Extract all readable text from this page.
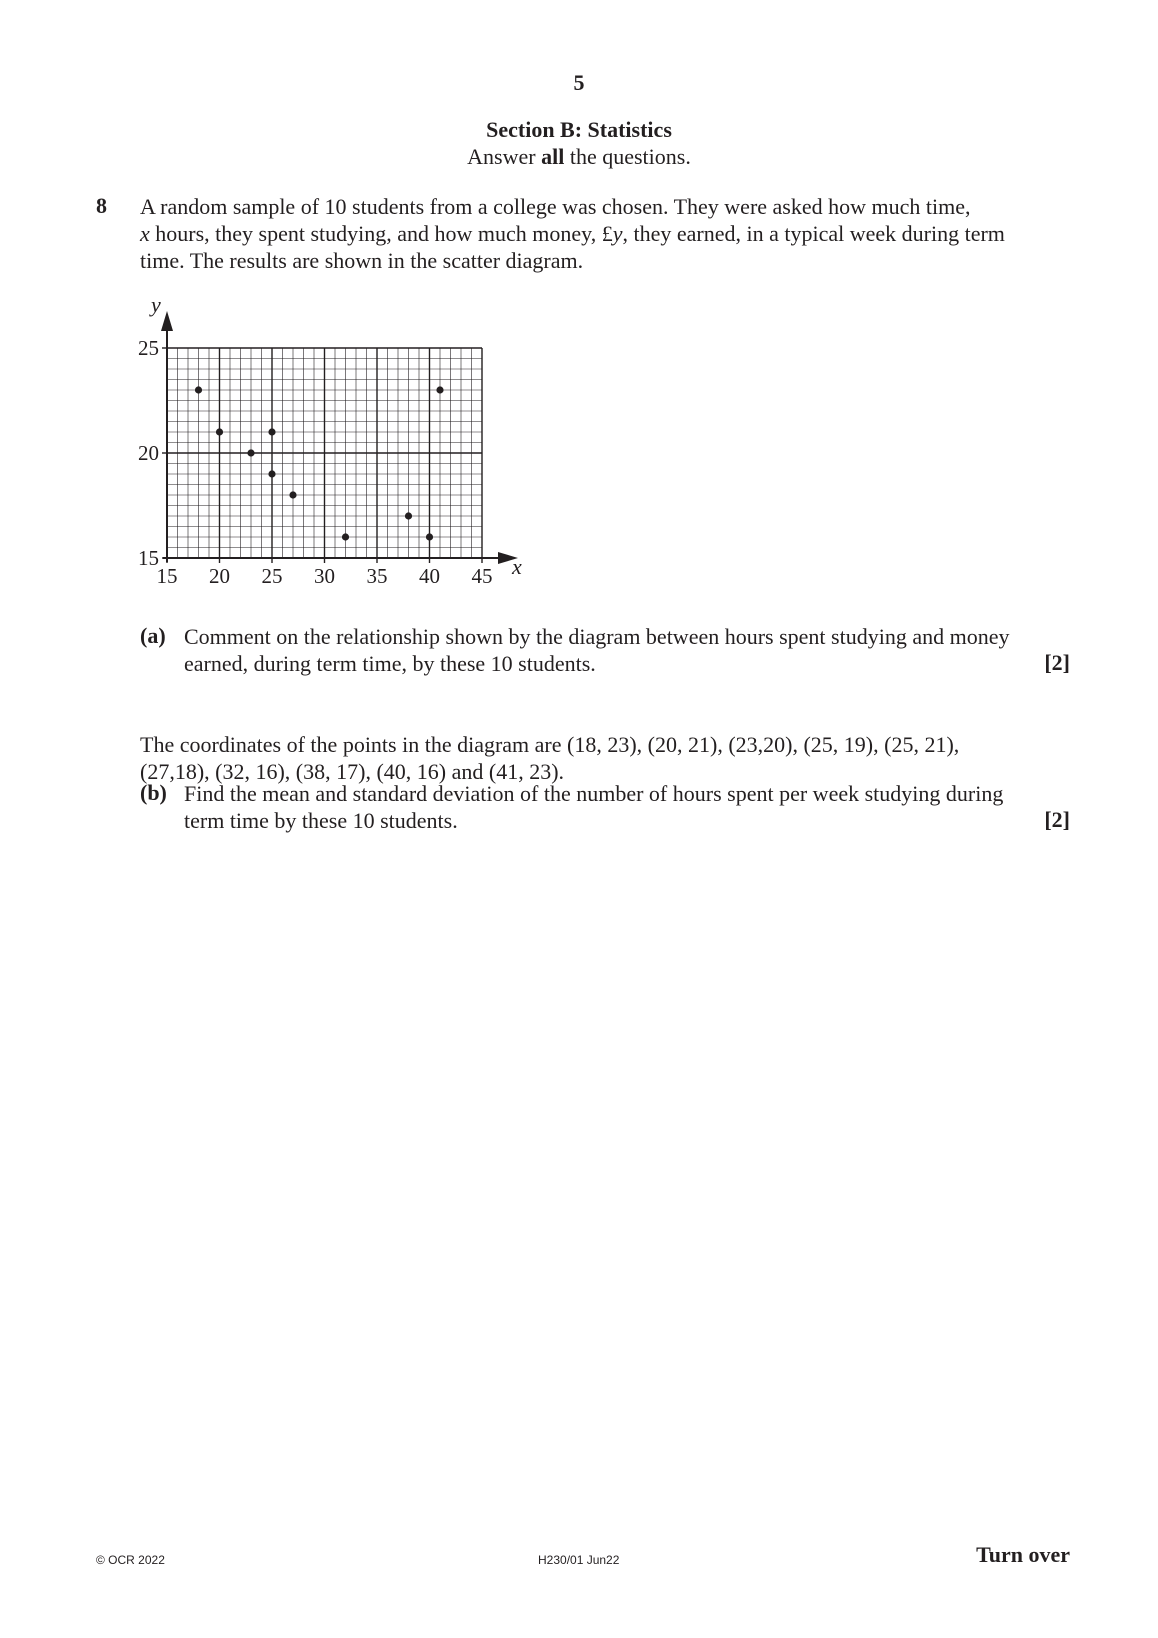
5
Section B: Statistics
Answer all the questions.
8 A random sample of 10 students from a college was chosen. They were asked how much time,

x hours, they spent studying, and how much money, £y, they earned, in a typical week during term

time. The results are shown in the scatter diagram.

15 20 25 30 35 40 45
15
20
25
y
x
(a) Comment on the relationship shown by the diagram between hours spent studying and money

earned, during term time, by these 10 students.	[2]

The coordinates of the points in the diagram are (18, 23), (20, 21), (23,20), (25, 19), (25, 21),

(27,18), (32, 16), (38, 17), (40, 16) and (41, 23).

(b) Find the mean and standard deviation of the number of hours spent per week studying during

term time by these 10 students.	[2]
© OCR 2022	H230/01 Jun22	Turn over
